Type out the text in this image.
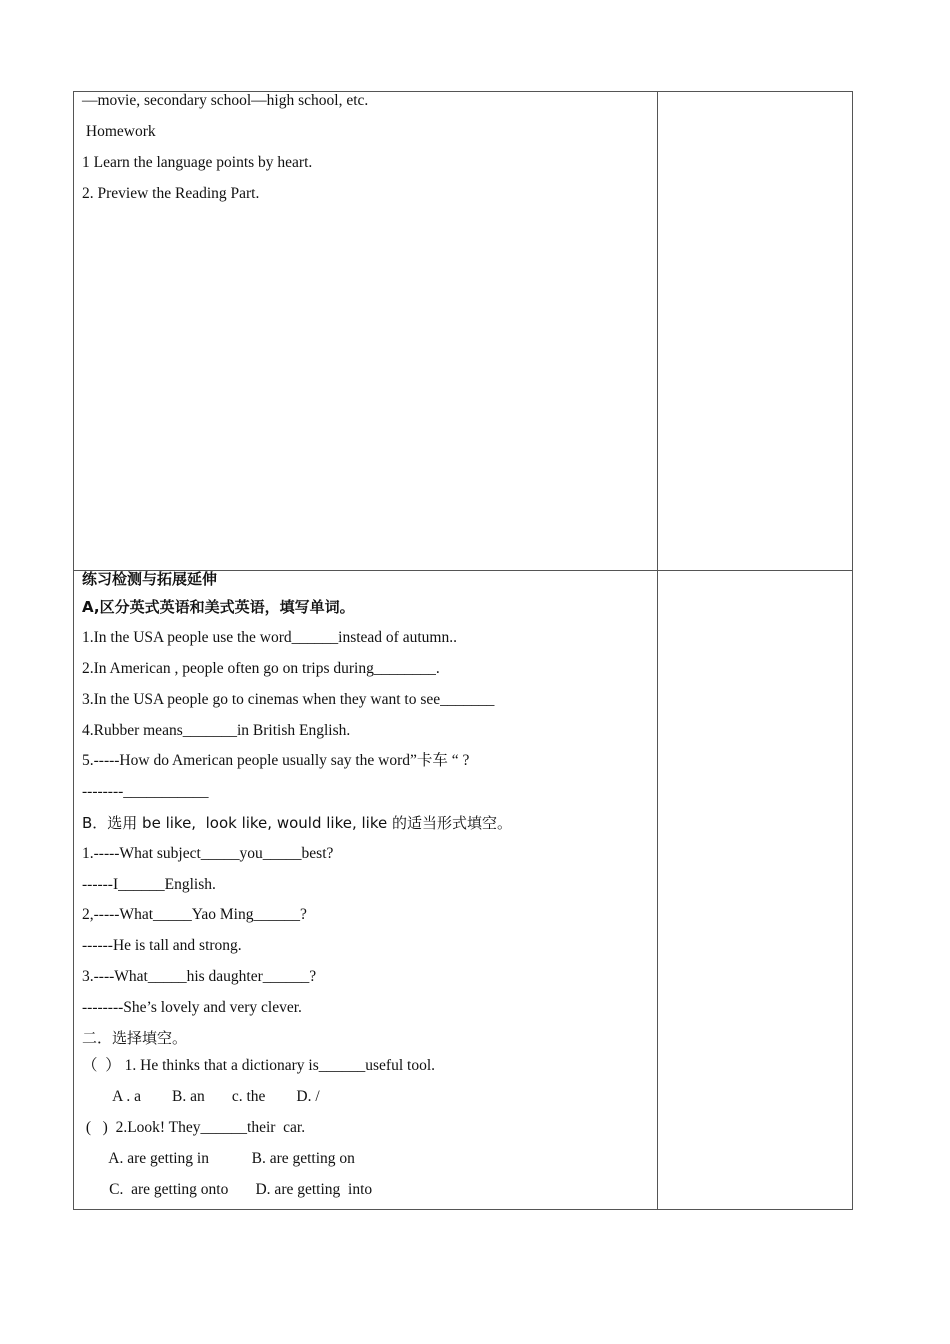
—movie, secondary school—high school, etc.
Homework
1 Learn the language points by heart.
2. Preview the Reading Part.
练习检测与拓展延伸
A,区分英式英语和美式英语，填写单词。
1.In the USA people use the word______instead of autumn..
2.In American , people often go on trips during________.
3.In the USA people go to cinemas when they want to see_______
4.Rubber means_______in British English.
5.-----How do American people usually say the word”卡车 “ ?
--------___________
B．选用 be like,  look like, would like, like 的适当形式填空。
1.-----What subject_____you_____best?
------I______English.
2,-----What_____Yao Ming______?
------He is tall and strong.
3.----What_____his daughter______?
--------She’s lovely and very clever.
二．选择填空。
（  ） 1. He thinks that a dictionary is______useful tool.
A . a        B. an       c. the        D. /
(   )  2.Look! They______their  car.
A. are getting in           B. are getting on
C.  are getting onto       D. are getting  into
